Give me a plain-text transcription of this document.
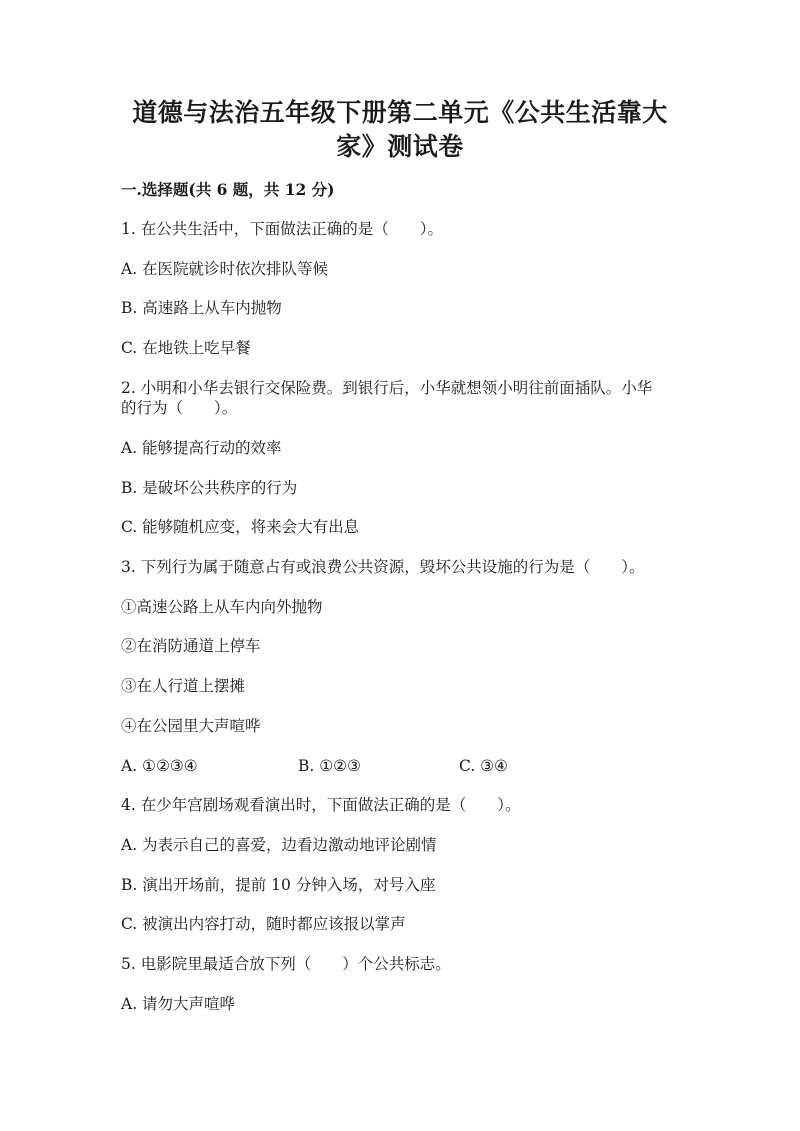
道德与法治五年级下册第二单元《公共生活靠大
家》测试卷
一.选择题(共 6 题，共 12 分)
1. 在公共生活中，下面做法正确的是（　　）。
A. 在医院就诊时依次排队等候
B. 高速路上从车内抛物
C. 在地铁上吃早餐
2. 小明和小华去银行交保险费。到银行后，小华就想领小明往前面插队。小华
的行为（　　）。
A. 能够提高行动的效率
B. 是破坏公共秩序的行为
C. 能够随机应变，将来会大有出息
3. 下列行为属于随意占有或浪费公共资源，毁坏公共设施的行为是（　　）。
①高速公路上从车内向外抛物
②在消防通道上停车
③在人行道上摆摊
④在公园里大声喧哗
A. ①②③④	B. ①②③	C. ③④
4. 在少年宫剧场观看演出时，下面做法正确的是（　　）。
A. 为表示自己的喜爱，边看边激动地评论剧情
B. 演出开场前，提前 10 分钟入场，对号入座
C. 被演出内容打动，随时都应该报以掌声
5. 电影院里最适合放下列（　　）个公共标志。
A. 请勿大声喧哗
